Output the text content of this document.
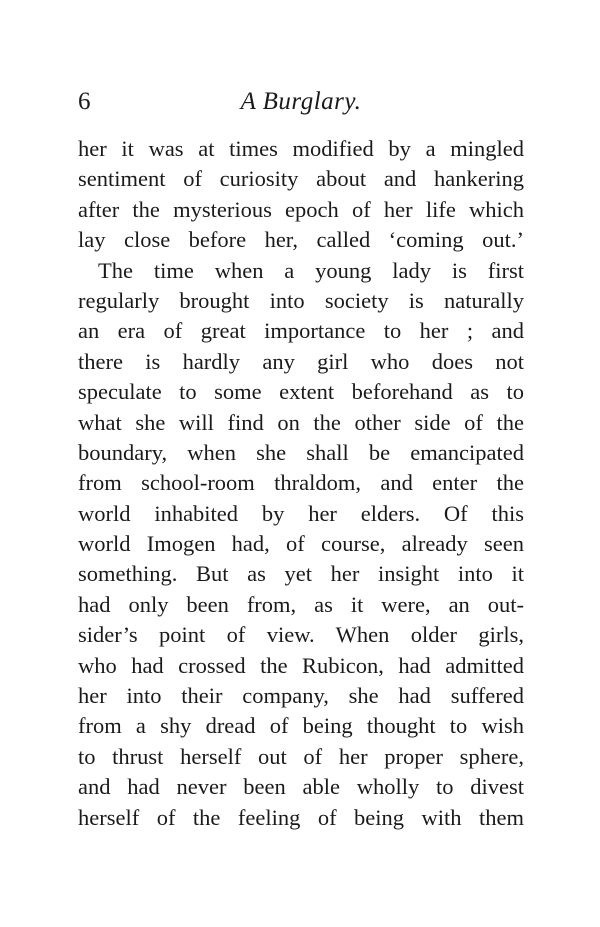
6	A Burglary.
her it was at times modified by a mingled
sentiment of curiosity about and hankering
after the mysterious epoch of her life which
lay close before her, called ‘coming out.’
The time when a young lady is first
regularly brought into society is naturally
an era of great importance to her ; and
there is hardly any girl who does not
speculate to some extent beforehand as to
what she will find on the other side of the
boundary, when she shall be emancipated
from school-room thraldom, and enter the
world inhabited by her elders. Of this
world Imogen had, of course, already seen
something. But as yet her insight into it
had only been from, as it were, an out-
sider’s point of view. When older girls,
who had crossed the Rubicon, had admitted
her into their company, she had suffered
from a shy dread of being thought to wish
to thrust herself out of her proper sphere,
and had never been able wholly to divest
herself of the feeling of being with them
